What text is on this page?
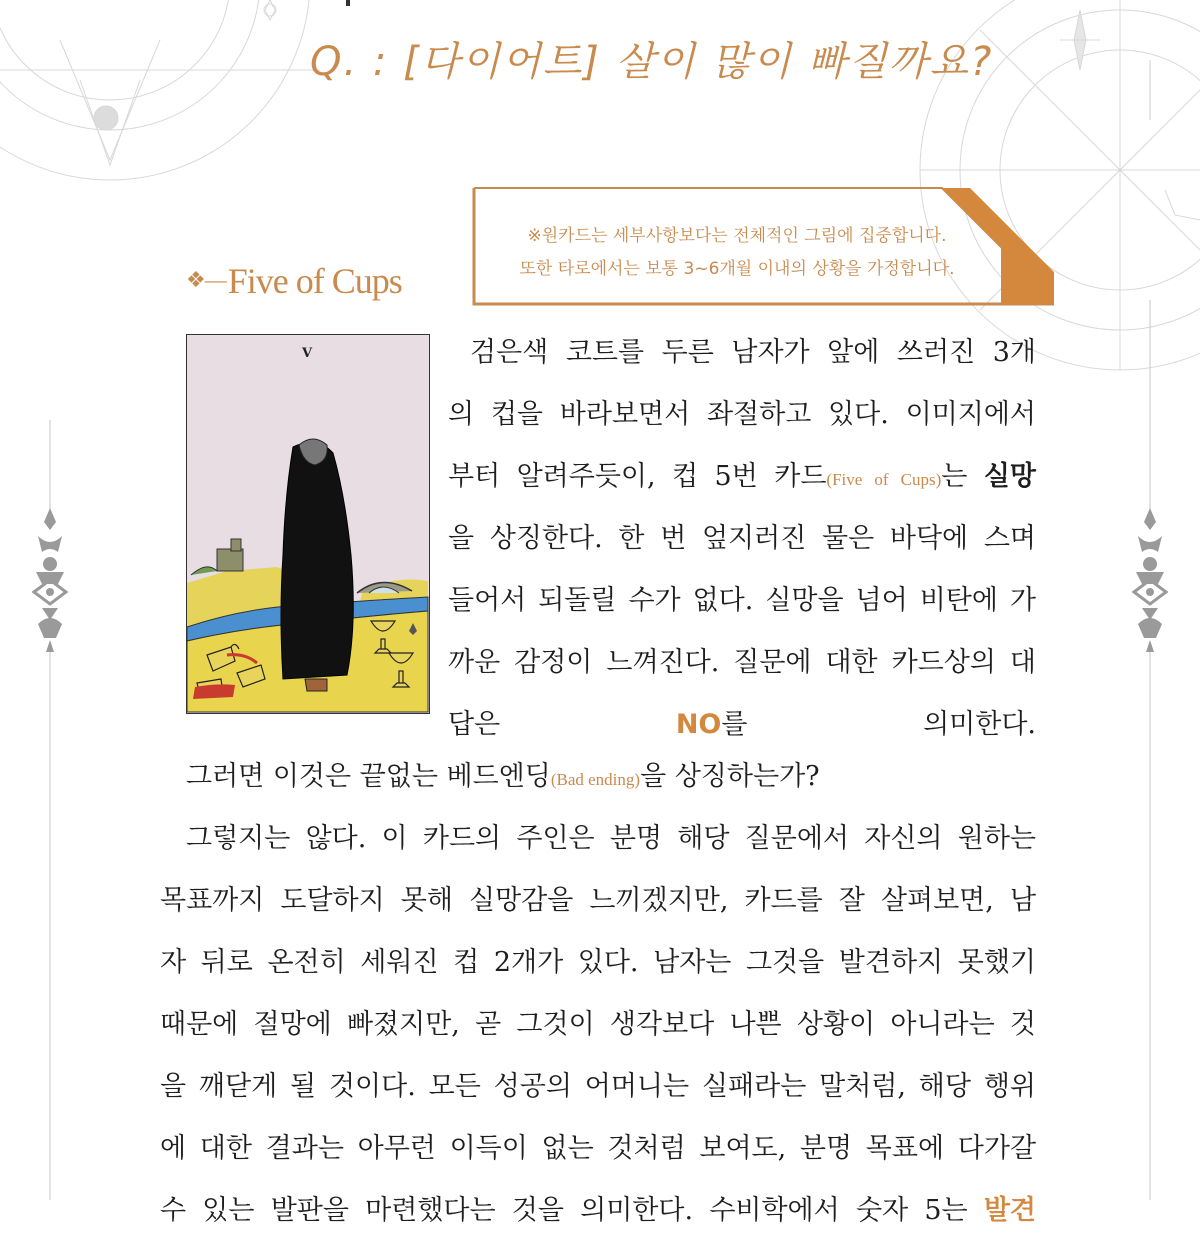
Q. : [다이어트] 살이 많이 빠질까요?
※원카드는 세부사항보다는 전체적인 그림에 집중합니다.
또한 타로에서는 보통 3~6개월 이내의 상황을 가정합니다.
❖—Five of Cups
V	검은색 코트를 두른 남자가 앞에 쓰러진 3개
의 컵을 바라보면서 좌절하고 있다. 이미지에서
부터 알려주듯이, 컵 5번 카드(Five of Cups)는 실망
을 상징한다. 한 번 엎지러진 물은 바닥에 스며
들어서 되돌릴 수가 없다. 실망을 넘어 비탄에 가
까운 감정이 느껴진다. 질문에 대한 카드상의 대
답은 NO를 의미한다.
그러면 이것은 끝없는 베드엔딩(Bad ending)을 상징하는가?
그렇지는 않다. 이 카드의 주인은 분명 해당 질문에서 자신의 원하는
목표까지 도달하지 못해 실망감을 느끼겠지만, 카드를 잘 살펴보면, 남
자 뒤로 온전히 세워진 컵 2개가 있다. 남자는 그것을 발견하지 못했기
때문에 절망에 빠졌지만, 곧 그것이 생각보다 나쁜 상황이 아니라는 것
을 깨닫게 될 것이다. 모든 성공의 어머니는 실패라는 말처럼, 해당 행위
에 대한 결과는 아무런 이득이 없는 것처럼 보여도, 분명 목표에 다가갈
수 있는 발판을 마련했다는 것을 의미한다. 수비학에서 숫자 5는 발견
